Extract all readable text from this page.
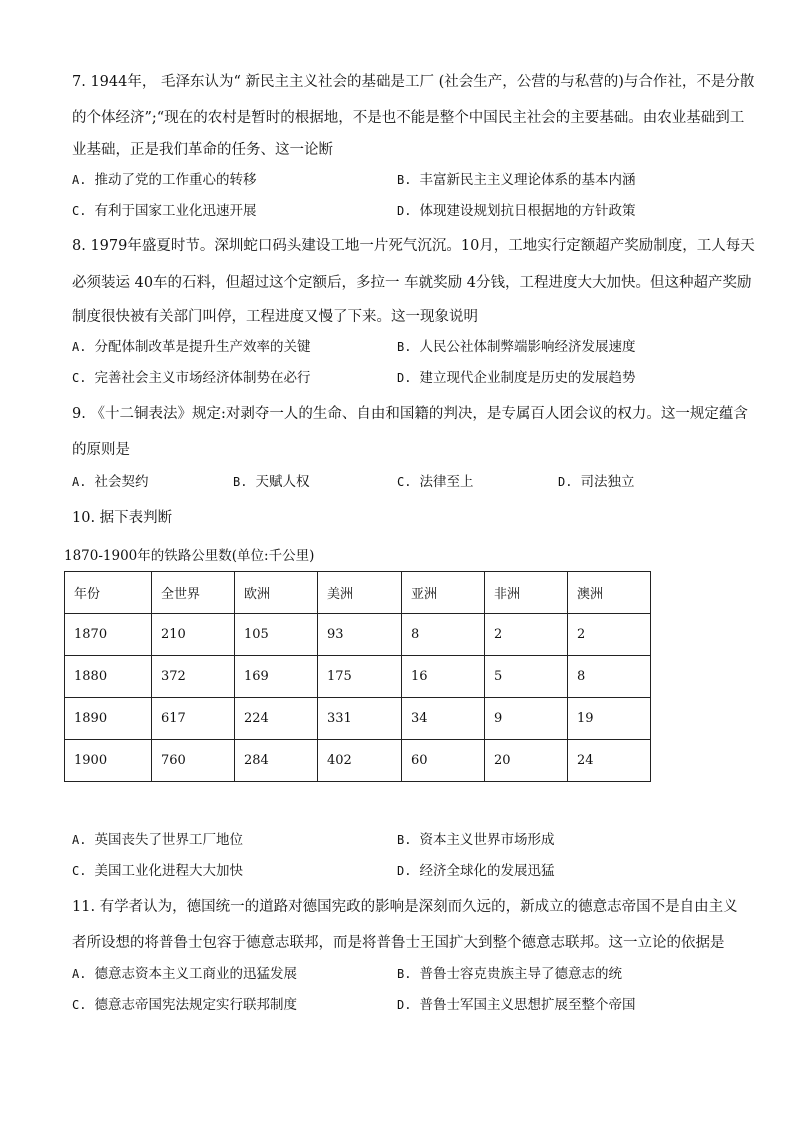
7. 1944年， 毛泽东认为“ 新民主主义社会的基础是工厂 (社会生产，公营的与私营的)与合作社，不是分散
的个体经济”;“现在的农村是暂时的根据地，不是也不能是整个中国民主社会的主要基础。由农业基础到工
业基础，正是我们革命的任务、这一论断
A. 推动了党的工作重心的转移	B. 丰富新民主主义理论体系的基本内涵
C. 有利于国家工业化迅速开展	D. 体现建设规划抗日根据地的方针政策
8. 1979年盛夏时节。深圳蛇口码头建设工地一片死气沉沉。10月，工地实行定额超产奖励制度，工人每天
必须装运 40车的石料，但超过这个定额后，多拉一 车就奖励 4分钱，工程进度大大加快。但这种超产奖励
制度很快被有关部门叫停，工程进度又慢了下来。这一现象说明
A. 分配体制改革是提升生产效率的关键	B. 人民公社体制弊端影响经济发展速度
C. 完善社会主义市场经济体制势在必行	D. 建立现代企业制度是历史的发展趋势
9. 《十二铜表法》规定:对剥夺一人的生命、自由和国籍的判决，是专属百人团会议的权力。这一规定蕴含
的原则是
A. 社会契约	B. 天赋人权	C. 法律至上	D. 司法独立
10. 据下表判断
1870-1900年的铁路公里数(单位:千公里)
年份	全世界	欧洲	美洲	亚洲	非洲	澳洲
1870	210	105	93	8	2	2
1880	372	169	175	16	5	8
1890	617	224	331	34	9	19
1900	760	284	402	60	20	24
A. 英国丧失了世界工厂地位	B. 资本主义世界市场形成
C. 美国工业化进程大大加快	D. 经济全球化的发展迅猛
11. 有学者认为，德国统一的道路对德国宪政的影响是深刻而久远的，新成立的德意志帝国不是自由主义
者所设想的将普鲁士包容于德意志联邦，而是将普鲁士王国扩大到整个德意志联邦。这一立论的依据是
A. 德意志资本主义工商业的迅猛发展	B. 普鲁士容克贵族主导了德意志的统
C. 德意志帝国宪法规定实行联邦制度	D. 普鲁士军国主义思想扩展至整个帝国
